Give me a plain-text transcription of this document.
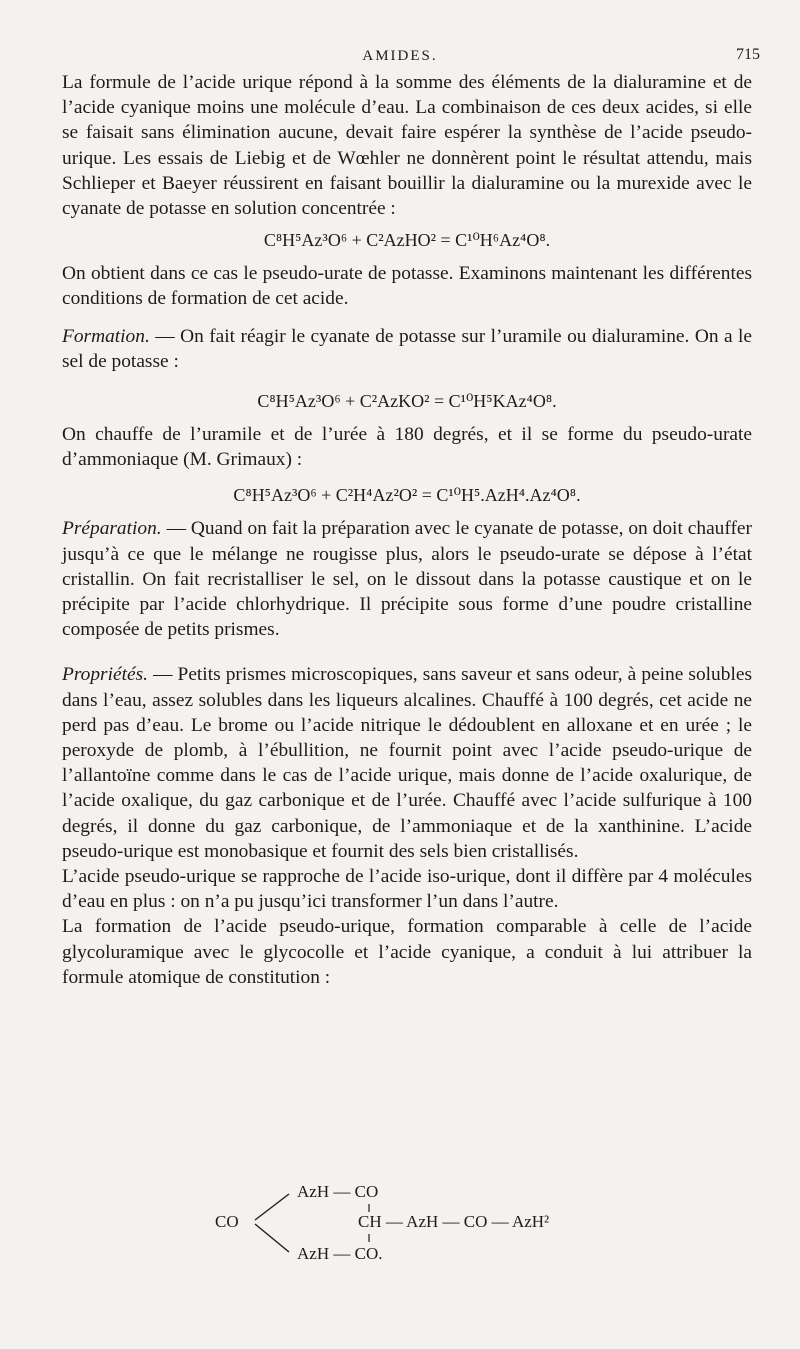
AMIDES.	715

La formule de l’acide urique répond à la somme des éléments de la dialuramine et de l’acide cyanique moins une molécule d’eau. La combinaison de ces deux acides, si elle se faisait sans élimination aucune, devait faire espérer la synthèse de l’acide pseudo-urique. Les essais de Liebig et de Wœhler ne donnèrent point le résultat attendu, mais Schlieper et Baeyer réussirent en faisant bouillir la dialuramine ou la murexide avec le cyanate de potasse en solution concentrée :

C⁸H⁵Az³O⁶ + C²AzHO² = C¹⁰H⁶Az⁴O⁸.

On obtient dans ce cas le pseudo-urate de potasse. Examinons maintenant les différentes conditions de formation de cet acide.

Formation. — On fait réagir le cyanate de potasse sur l’uramile ou dialuramine. On a le sel de potasse :

C⁸H⁵Az³O⁶ + C²AzKO² = C¹⁰H⁵KAz⁴O⁸.

On chauffe de l’uramile et de l’urée à 180 degrés, et il se forme du pseudo-urate d’ammoniaque (M. Grimaux) :

C⁸H⁵Az³O⁶ + C²H⁴Az²O² = C¹⁰H⁵.AzH⁴.Az⁴O⁸.

Préparation. — Quand on fait la préparation avec le cyanate de potasse, on doit chauffer jusqu’à ce que le mélange ne rougisse plus, alors le pseudo-urate se dépose à l’état cristallin. On fait recristalliser le sel, on le dissout dans la potasse caustique et on le précipite par l’acide chlorhydrique. Il précipite sous forme d’une poudre cristalline composée de petits prismes.

Propriétés. — Petits prismes microscopiques, sans saveur et sans odeur, à peine solubles dans l’eau, assez solubles dans les liqueurs alcalines. Chauffé à 100 degrés, cet acide ne perd pas d’eau. Le brome ou l’acide nitrique le dédoublent en alloxane et en urée ; le peroxyde de plomb, à l’ébullition, ne fournit point avec l’acide pseudo-urique de l’allantoïne comme dans le cas de l’acide urique, mais donne de l’acide oxalurique, de l’acide oxalique, du gaz carbonique et de l’urée. Chauffé avec l’acide sulfurique à 100 degrés, il donne du gaz carbonique, de l’ammoniaque et de la xanthinine. L’acide pseudo-urique est monobasique et fournit des sels bien cristallisés.

L’acide pseudo-urique se rapproche de l’acide iso-urique, dont il diffère par 4 molécules d’eau en plus : on n’a pu jusqu’ici transformer l’un dans l’autre.

La formation de l’acide pseudo-urique, formation comparable à celle de l’acide glycoluramique avec le glycocolle et l’acide cyanique, a conduit à lui attribuer la formule atomique de constitution :

AzH — CO
CO	CH — AzH — CO — AzH²
AzH — CO.
